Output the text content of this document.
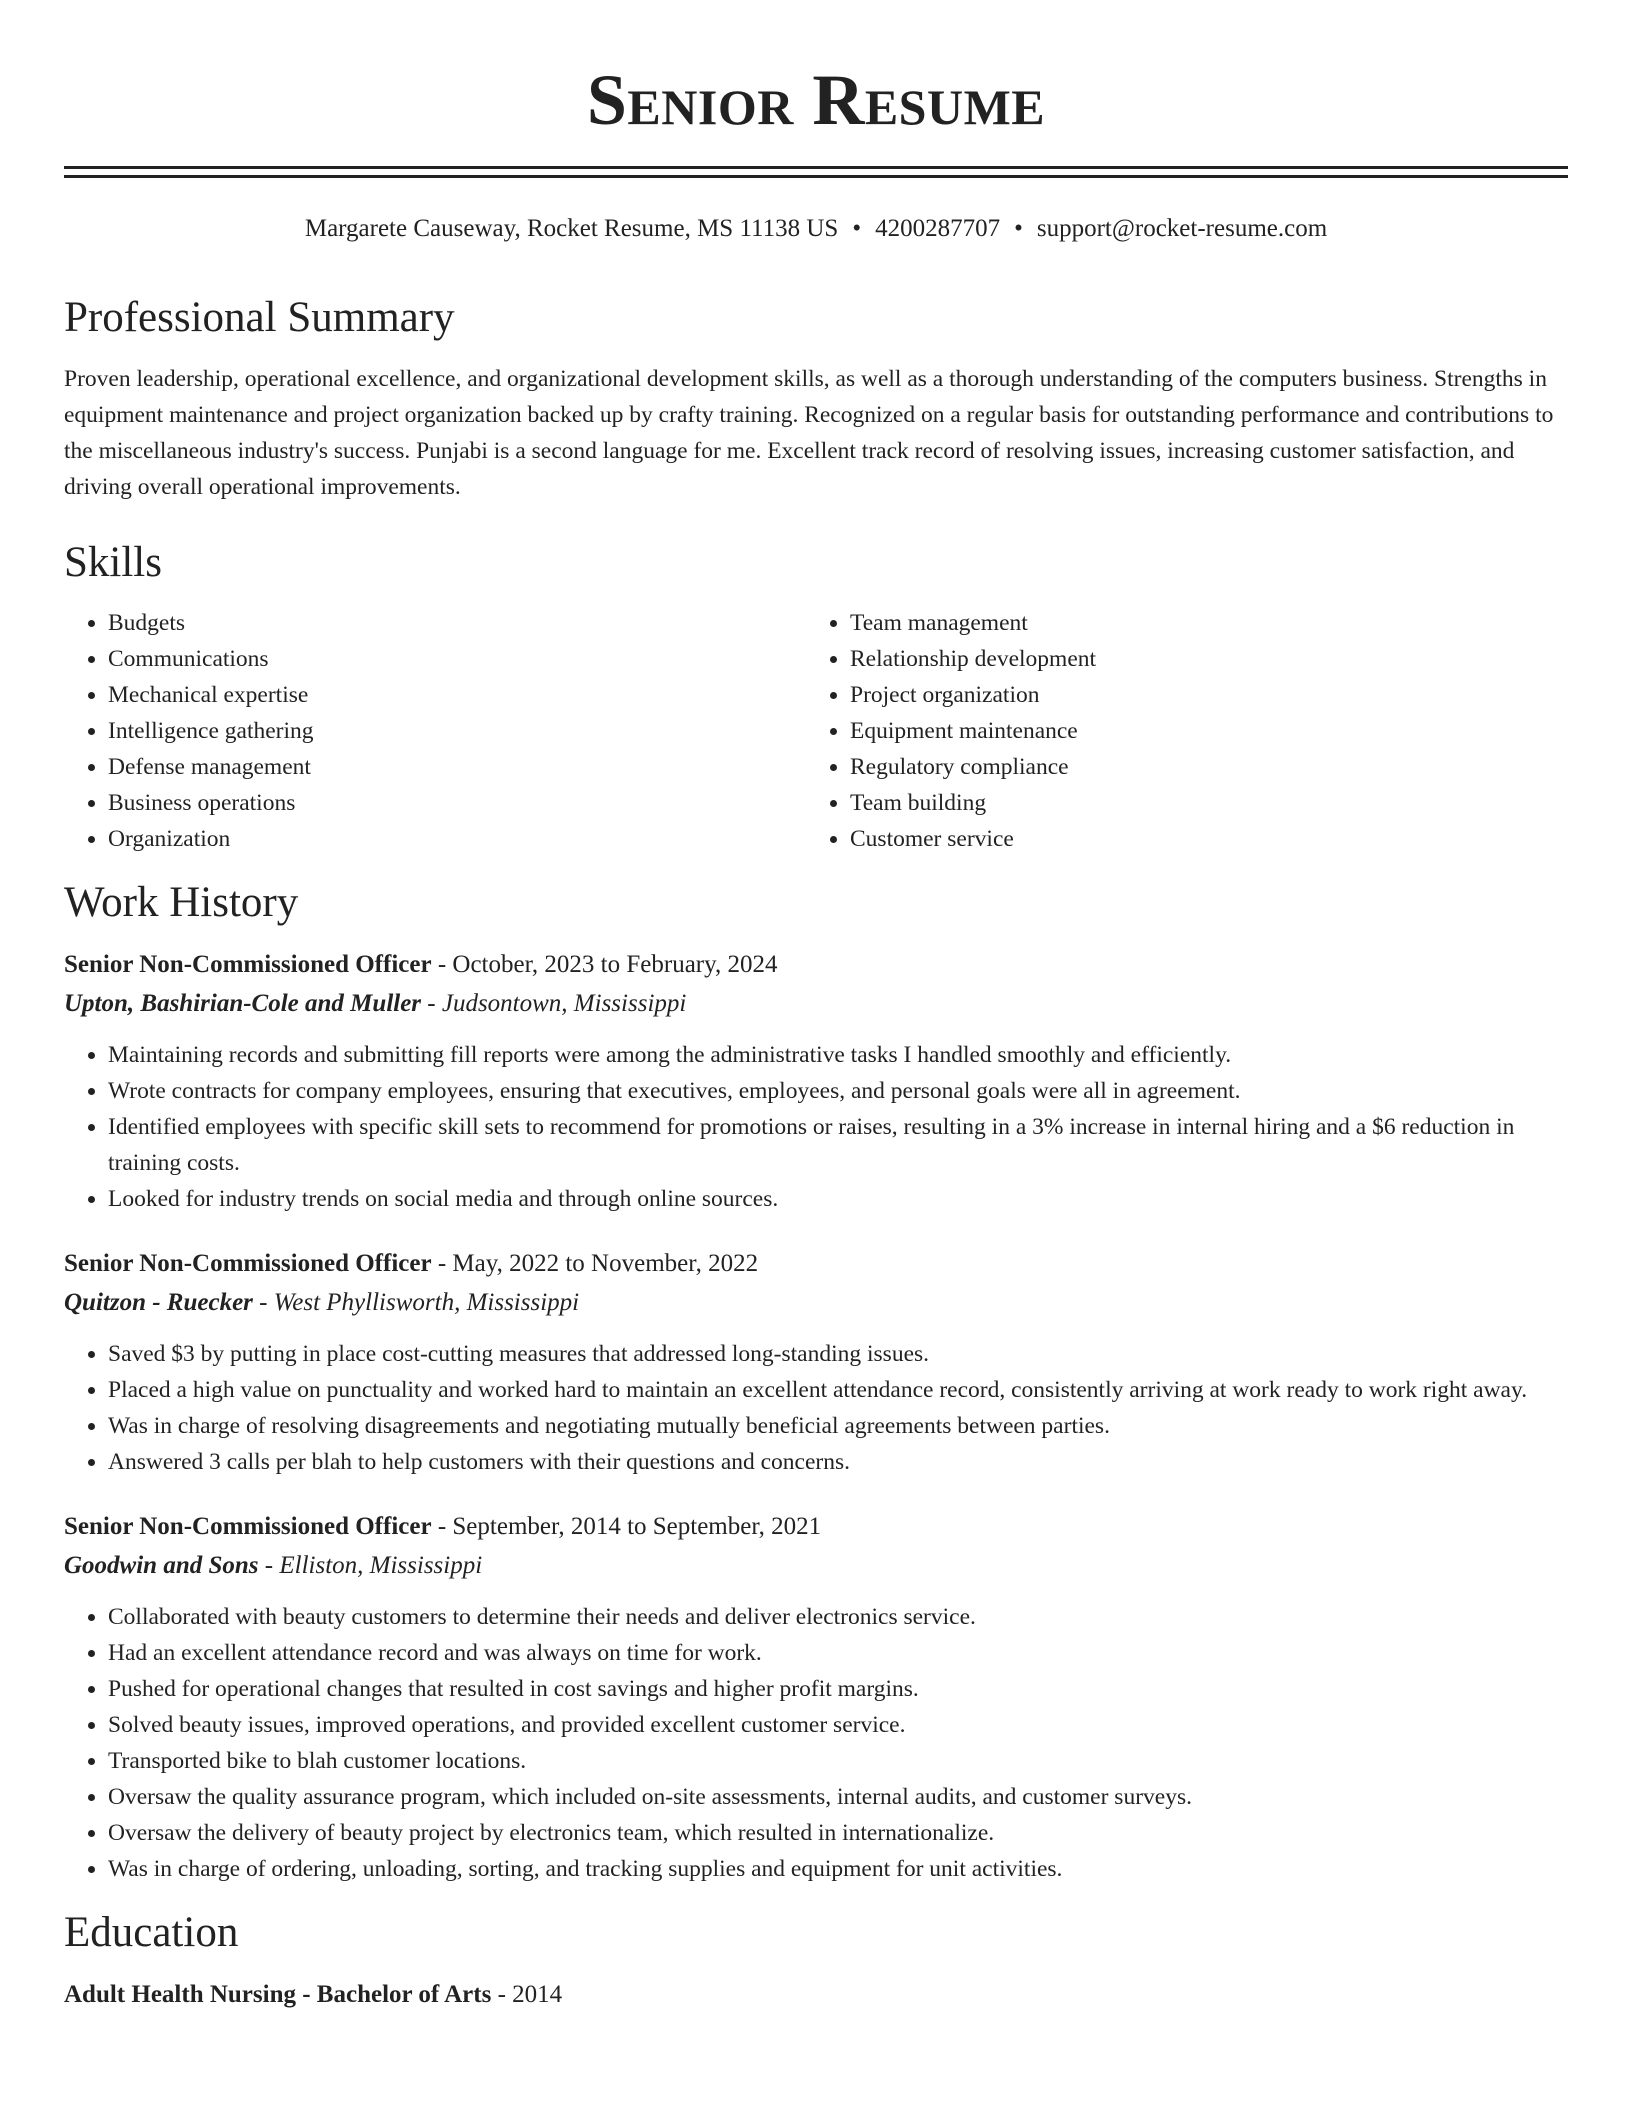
Senior Resume
Margarete Causeway, Rocket Resume, MS 11138 US • 4200287707 • support@rocket-resume.com
Professional Summary
Proven leadership, operational excellence, and organizational development skills, as well as a thorough understanding of the computers business. Strengths in equipment maintenance and project organization backed up by crafty training. Recognized on a regular basis for outstanding performance and contributions to the miscellaneous industry's success. Punjabi is a second language for me. Excellent track record of resolving issues, increasing customer satisfaction, and driving overall operational improvements.
Skills
• Budgets
• Communications
• Mechanical expertise
• Intelligence gathering
• Defense management
• Business operations
• Organization
• Team management
• Relationship development
• Project organization
• Equipment maintenance
• Regulatory compliance
• Team building
• Customer service
Work History
Senior Non-Commissioned Officer - October, 2023 to February, 2024
Upton, Bashirian-Cole and Muller - Judsontown, Mississippi
• Maintaining records and submitting fill reports were among the administrative tasks I handled smoothly and efficiently.
• Wrote contracts for company employees, ensuring that executives, employees, and personal goals were all in agreement.
• Identified employees with specific skill sets to recommend for promotions or raises, resulting in a 3% increase in internal hiring and a $6 reduction in training costs.
• Looked for industry trends on social media and through online sources.
Senior Non-Commissioned Officer - May, 2022 to November, 2022
Quitzon - Ruecker - West Phyllisworth, Mississippi
• Saved $3 by putting in place cost-cutting measures that addressed long-standing issues.
• Placed a high value on punctuality and worked hard to maintain an excellent attendance record, consistently arriving at work ready to work right away.
• Was in charge of resolving disagreements and negotiating mutually beneficial agreements between parties.
• Answered 3 calls per blah to help customers with their questions and concerns.
Senior Non-Commissioned Officer - September, 2014 to September, 2021
Goodwin and Sons - Elliston, Mississippi
• Collaborated with beauty customers to determine their needs and deliver electronics service.
• Had an excellent attendance record and was always on time for work.
• Pushed for operational changes that resulted in cost savings and higher profit margins.
• Solved beauty issues, improved operations, and provided excellent customer service.
• Transported bike to blah customer locations.
• Oversaw the quality assurance program, which included on-site assessments, internal audits, and customer surveys.
• Oversaw the delivery of beauty project by electronics team, which resulted in internationalize.
• Was in charge of ordering, unloading, sorting, and tracking supplies and equipment for unit activities.
Education
Adult Health Nursing - Bachelor of Arts - 2014
